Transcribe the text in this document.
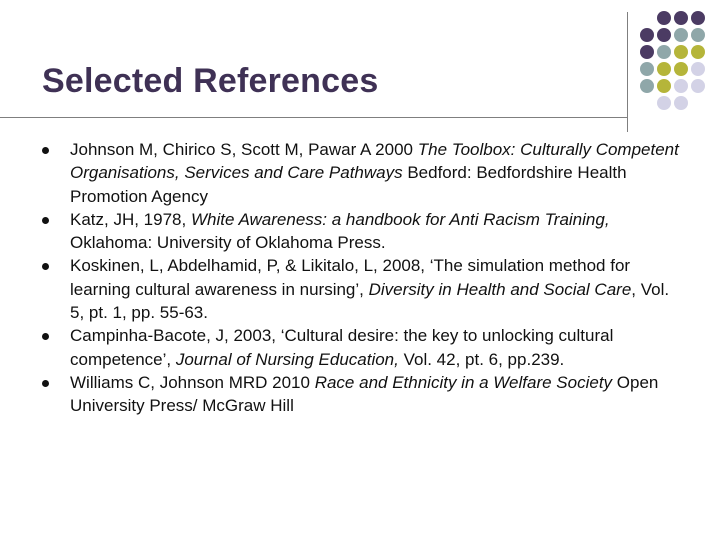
Selected References
Johnson M, Chirico S, Scott M, Pawar A 2000 The Toolbox: Culturally Competent Organisations, Services and Care Pathways Bedford: Bedfordshire Health Promotion Agency
Katz, JH, 1978, White Awareness: a handbook for Anti Racism Training, Oklahoma: University of Oklahoma Press.
Koskinen, L, Abdelhamid, P, & Likitalo, L, 2008, ‘The simulation method for learning cultural awareness in nursing’, Diversity in Health and Social Care, Vol. 5, pt. 1, pp. 55-63.
Campinha-Bacote, J, 2003, ‘Cultural desire: the key to unlocking cultural competence’, Journal of Nursing Education, Vol. 42, pt. 6, pp.239.
Williams C, Johnson MRD 2010 Race and Ethnicity in a Welfare Society Open University Press/ McGraw Hill
